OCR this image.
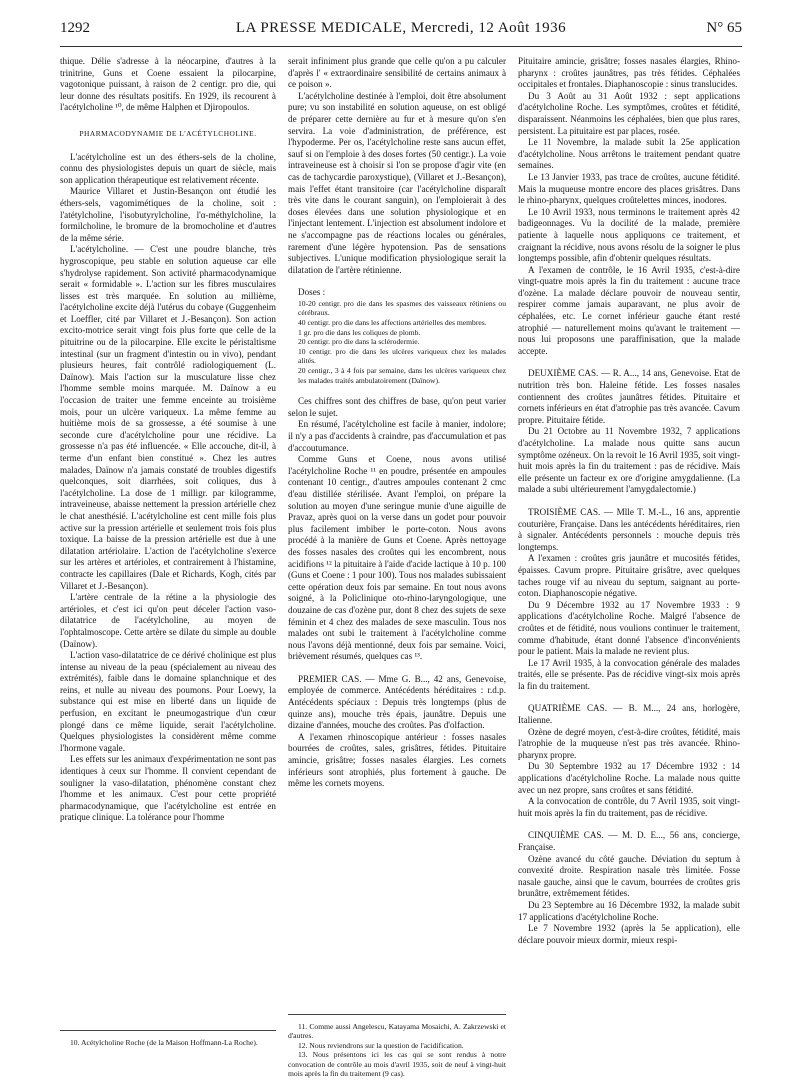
1292	LA PRESSE MEDICALE, Mercredi, 12 Août 1936	N° 65

thique. Délie s'adresse à la néocarpine, d'autres à la trinitrine, Guns et Coene essaient la pilocarpine, vagotonique puissant, à raison de 2 centigr. pro die, qui leur donne des résultats positifs. En 1929, ils recourent à l'acétylcholine ¹⁰, de même Halphen et Djiropoulos.

PHARMACODYNAMIE DE L'ACÉTYLCHOLINE.

L'acétylcholine est un des éthers-sels de la choline, connu des physiologistes depuis un quart de siècle, mais son application thérapeutique est relativement récente.

Maurice Villaret et Justin-Besançon ont étudié les éthers-sels, vagomimétiques de la choline, soit : l'atétylcholine, l'isobutyrylcholine, l'α-méthylcholine, la formilcholine, le bromure de la bromocholine et d'autres de la même série.

L'acétylcholine. — C'est une poudre blanche, très hygroscopique, peu stable en solution aqueuse car elle s'hydrolyse rapidement. Son activité pharmacodynamique serait « formidable ». L'action sur les fibres musculaires lisses est très marquée. En solution au millième, l'acétylcholine excite déjà l'utérus du cobaye (Guggenheim et Loeffler, cité par Villaret et J.-Besançon). Son action excito-motrice serait vingt fois plus forte que celle de la pituitrine ou de la pilocarpine. Elle excite le péristaltisme intestinal (sur un fragment d'intestin ou in vivo), pendant plusieurs heures, fait contrôlé radiologiquement (L. Daïnow). Mais l'action sur la musculature lisse chez l'homme semble moins marquée. M. Daïnow a eu l'occasion de traiter une femme enceinte au troisième mois, pour un ulcère variqueux. La même femme au huitième mois de sa grossesse, a été soumise à une seconde cure d'acétylcholine pour une récidive. La grossesse n'a pas été influencée. « Elle accouche, dit-il, à terme d'un enfant bien constitué ». Chez les autres malades, Daïnow n'a jamais constaté de troubles digestifs quelconques, soit diarrhées, soit coliques, dus à l'acétylcholine. La dose de 1 milligr. par kilogramme, intraveineuse, abaisse nettement la pression artérielle chez le chat anesthésié. L'acétylcholine est cent mille fois plus active sur la pression artérielle et seulement trois fois plus toxique. La baisse de la pression artérielle est due à une dilatation artériolaire. L'action de l'acétylcholine s'exerce sur les artères et artérioles, et contrairement à l'histamine, contracte les capillaires (Dale et Richards, Kogh, cités par Villaret et J.-Besançon).

L'artère centrale de la rétine a la physiologie des artérioles, et c'est ici qu'on peut déceler l'action vaso-dilatatrice de l'acétylcholine, au moyen de l'ophtalmoscope. Cette artère se dilate du simple au double (Daïnow).

L'action vaso-dilatatrice de ce dérivé cholinique est plus intense au niveau de la peau (spécialement au niveau des extrémités), faible dans le domaine splanchnique et des reins, et nulle au niveau des poumons. Pour Loewy, la substance qui est mise en liberté dans un liquide de perfusion, en excitant le pneumogastrique d'un cœur plongé dans ce même liquide, serait l'acétylcholine. Quelques physiologistes la considèrent même comme l'hormone vagale.

Les effets sur les animaux d'expérimentation ne sont pas identiques à ceux sur l'homme. Il convient cependant de souligner la vaso-dilatation, phénomène constant chez l'homme et les animaux. C'est pour cette propriété pharmacodynamique, que l'acétylcholine est entrée en pratique clinique. La tolérance pour l'homme

10. Acétylcholine Roche (de la Maison Hoffmann-La Roche).

serait infiniment plus grande que celle qu'on a pu calculer d'après l' « extraordinaire sensibilité de certains animaux à ce poison ».

L'acétylcholine destinée à l'emploi, doit être absolument pure; vu son instabilité en solution aqueuse, on est obligé de préparer cette dernière au fur et à mesure qu'on s'en servira. La voie d'administration, de préférence, est l'hypoderme. Per os, l'acétylcholine reste sans aucun effet, sauf si on l'emploie à des doses fortes (50 centigr.). La voie intraveineuse est à choisir si l'on se propose d'agir vite (en cas de tachycardie paroxystique), (Villaret et J.-Besançon), mais l'effet étant transitoire (car l'acétylcholine disparaît très vite dans le courant sanguin), on l'emploierait à des doses élevées dans une solution physiologique et en l'injectant lentement. L'injection est absolument indolore et ne s'accompagne pas de réactions locales ou générales, rarement d'une légère hypotension. Pas de sensations subjectives. L'unique modification physiologique serait la dilatation de l'artère rétinienne.

Doses :

10-20 centigr. pro die dans les spasmes des vaisseaux rétiniens ou cérébraux.

40 centigr. pro die dans les affections artérielles des membres.

1 gr. pro die dans les coliques de plomb.

20 centigr. pro die dans la sclérodermie.

10 centigr. pro die dans les ulcères variqueux chez les malades alités.

20 centigr., 3 à 4 fois par semaine, dans les ulcères variqueux chez les malades traités ambulatoirement (Daïnow).

Ces chiffres sont des chiffres de base, qu'on peut varier selon le sujet.

En résumé, l'acétylcholine est facile à manier, indolore; il n'y a pas d'accidents à craindre, pas d'accumulation et pas d'accoutumance.

Comme Guns et Coene, nous avons utilisé l'acétylcholine Roche ¹¹ en poudre, présentée en ampoules contenant 10 centigr., d'autres ampoules contenant 2 cmc d'eau distillée stérilisée. Avant l'emploi, on prépare la solution au moyen d'une seringue munie d'une aiguille de Pravaz, après quoi on la verse dans un godet pour pouvoir plus facilement imbiber le porte-coton. Nous avons procédé à la manière de Guns et Coene. Après nettoyage des fosses nasales des croûtes qui les encombrent, nous acidifions ¹² la pituitaire à l'aide d'acide lactique à 10 p. 100 (Guns et Coene : 1 pour 100). Tous nos malades subissaient cette opération deux fois par semaine. En tout nous avons soigné, à la Policlinique oto-rhino-laryngologique, une douzaine de cas d'ozène pur, dont 8 chez des sujets de sexe féminin et 4 chez des malades de sexe masculin. Tous nos malades ont subi le traitement à l'acétylcholine comme nous l'avons déjà mentionné, deux fois par semaine. Voici, brièvement résumés, quelques cas ¹³.

PREMIER CAS. — Mme G. B..., 42 ans, Genevoise, employée de commerce. Antécédents héréditaires : r.d.p. Antécédents spéciaux : Depuis très longtemps (plus de quinze ans), mouche très épais, jaunâtre. Depuis une dizaine d'années, mouche des croûtes. Pas d'olfaction.

A l'examen rhinoscopique antérieur : fosses nasales bourrées de croûtes, sales, grisâtres, fétides. Pituitaire amincie, grisâtre; fosses nasales élargies. Les cornets inférieurs sont atrophiés, plus fortement à gauche. De même les cornets moyens.

11. Comme aussi Angelescu, Katayama Mosaichi, A. Zakrzewski et d'autres.

12. Nous reviendrons sur la question de l'acidification.

13. Nous présentons ici les cas qui se sont rendus à notre convocation de contrôle au mois d'avril 1935, soit de neuf à vingt-huit mois après la fin du traitement (9 cas).

Pituitaire amincie, grisâtre; fosses nasales élargies, Rhino-pharynx : croûtes jaunâtres, pas très fétides. Céphalées occipitales et frontales. Diaphanoscopie : sinus translucides.

Du 3 Août au 31 Août 1932 : sept applications d'acétylcholine Roche. Les symptômes, croûtes et fétidité, disparaissent. Néanmoins les céphalées, bien que plus rares, persistent. La pituitaire est par places, rosée.

Le 11 Novembre, la malade subit la 25e application d'acétylcholine. Nous arrêtons le traitement pendant quatre semaines.

Le 13 Janvier 1933, pas trace de croûtes, aucune fétidité. Mais la muqueuse montre encore des places grisâtres. Dans le rhino-pharynx, quelques croûtelettes minces, inodores.

Le 10 Avril 1933, nous terminons le traitement après 42 badigeonnages. Vu la docilité de la malade, première patiente à laquelle nous appliquons ce traitement, et craignant la récidive, nous avons résolu de la soigner le plus longtemps possible, afin d'obtenir quelques résultats.

A l'examen de contrôle, le 16 Avril 1935, c'est-à-dire vingt-quatre mois après la fin du traitement : aucune trace d'ozène. La malade déclare pouvoir de nouveau sentir, respirer comme jamais auparavant, ne plus avoir de céphalées, etc. Le cornet inférieur gauche étant resté atrophié — naturellement moins qu'avant le traitement — nous lui proposons une paraffinisation, que la malade accepte.

DEUXIÈME CAS. — R. A..., 14 ans, Genevoise. Etat de nutrition très bon. Haleine fétide. Les fosses nasales contiennent des croûtes jaunâtres fétides. Pituitaire et cornets inférieurs en état d'atrophie pas très avancée. Cavum propre. Pituitaire fétide.

Du 21 Octobre au 11 Novembre 1932, 7 applications d'acétylcholine. La malade nous quitte sans aucun symptôme ozéneux. On la revoit le 16 Avril 1935, soit vingt-huit mois après la fin du traitement : pas de récidive. Mais elle présente un facteur ex ore d'origine amygdalienne. (La malade a subi ultérieurement l'amygdalectomie.)

TROISIÈME CAS. — Mlle T. M.-L., 16 ans, apprentie couturière, Française. Dans les antécédents héréditaires, rien à signaler. Antécédents personnels : mouche depuis très longtemps.

A l'examen : croûtes gris jaunâtre et mucosités fétides, épaisses. Cavum propre. Pituitaire grisâtre, avec quelques taches rouge vif au niveau du septum, saignant au porte-coton. Diaphanoscopie négative.

Du 9 Décembre 1932 au 17 Novembre 1933 : 9 applications d'acétylcholine Roche. Malgré l'absence de croûtes et de fétidité, nous voulions continuer le traitement, comme d'habitude, étant donné l'absence d'inconvénients pour le patient. Mais la malade ne revient plus.

Le 17 Avril 1935, à la convocation générale des malades traités, elle se présente. Pas de récidive vingt-six mois après la fin du traitement.

QUATRIÈME CAS. — B. M..., 24 ans, horlogère, Italienne.

Ozène de degré moyen, c'est-à-dire croûtes, fétidité, mais l'atrophie de la muqueuse n'est pas très avancée. Rhino-pharynx propre.

Du 30 Septembre 1932 au 17 Décembre 1932 : 14 applications d'acétylcholine Roche. La malade nous quitte avec un nez propre, sans croûtes et sans fétidité.

A la convocation de contrôle, du 7 Avril 1935, soit vingt-huit mois après la fin du traitement, pas de récidive.

CINQUIÈME CAS. — M. D. E..., 56 ans, concierge, Française.

Ozène avancé du côté gauche. Déviation du septum à convexité droite. Respiration nasale très limitée. Fosse nasale gauche, ainsi que le cavum, bourrées de croûtes gris brunâtre, extrêmement fétides.

Du 23 Septembre au 16 Décembre 1932, la malade subit 17 applications d'acétylcholine Roche.

Le 7 Novembre 1932 (après la 5e application), elle déclare pouvoir mieux dormir, mieux respi-
